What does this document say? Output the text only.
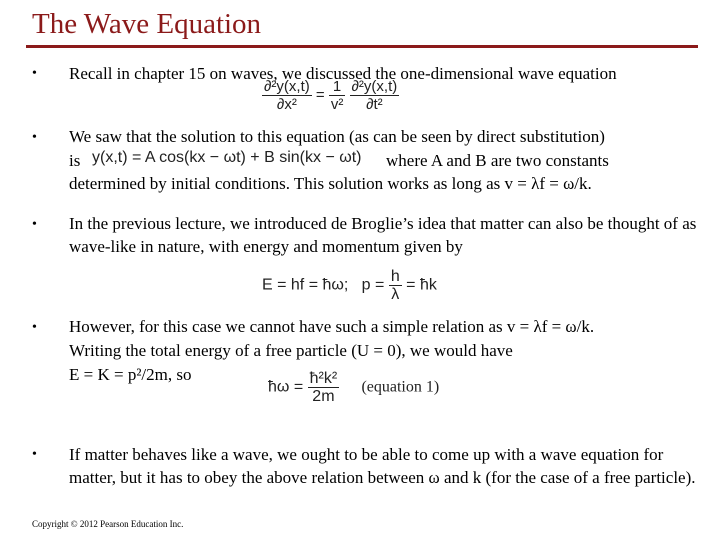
The Wave Equation
• Recall in chapter 15 on waves, we discussed the one-dimensional wave equation
$\frac{\text{∂²y(x,t)}}{\text{∂x²}} = \frac{1}{\text{v²}}$
$\frac{\text{∂²y(x,t)}}{\text{∂t²}}$
• We saw that the solution to this equation (as can be seen by direct substitution)
is y(x,t) = A cos(kx − ωt) + B sin(kx − ωt) where A and B are two constants
determined by initial conditions. This solution works as long as v = λf = ω/k.
• In the previous lecture, we introduced de Broglie’s idea that matter can also be thought of as wave-like in nature, with energy and momentum given by
E = hf = ħω; $p = \frac{h}{\lambda}$ = ħk
• However, for this case we cannot have such a simple relation as v = λf = ω/k.
Writing the total energy of a free particle (U = 0), we would have
E = K = p²/2m, so
ħω = $\frac{\text{ħ²k²}}{2m}$ (equation 1)
• If matter behaves like a wave, we ought to be able to come up with a wave equation for matter, but it has to obey the above relation between ω and k (for the case of a free particle).
Copyright © 2012 Pearson Education Inc.
